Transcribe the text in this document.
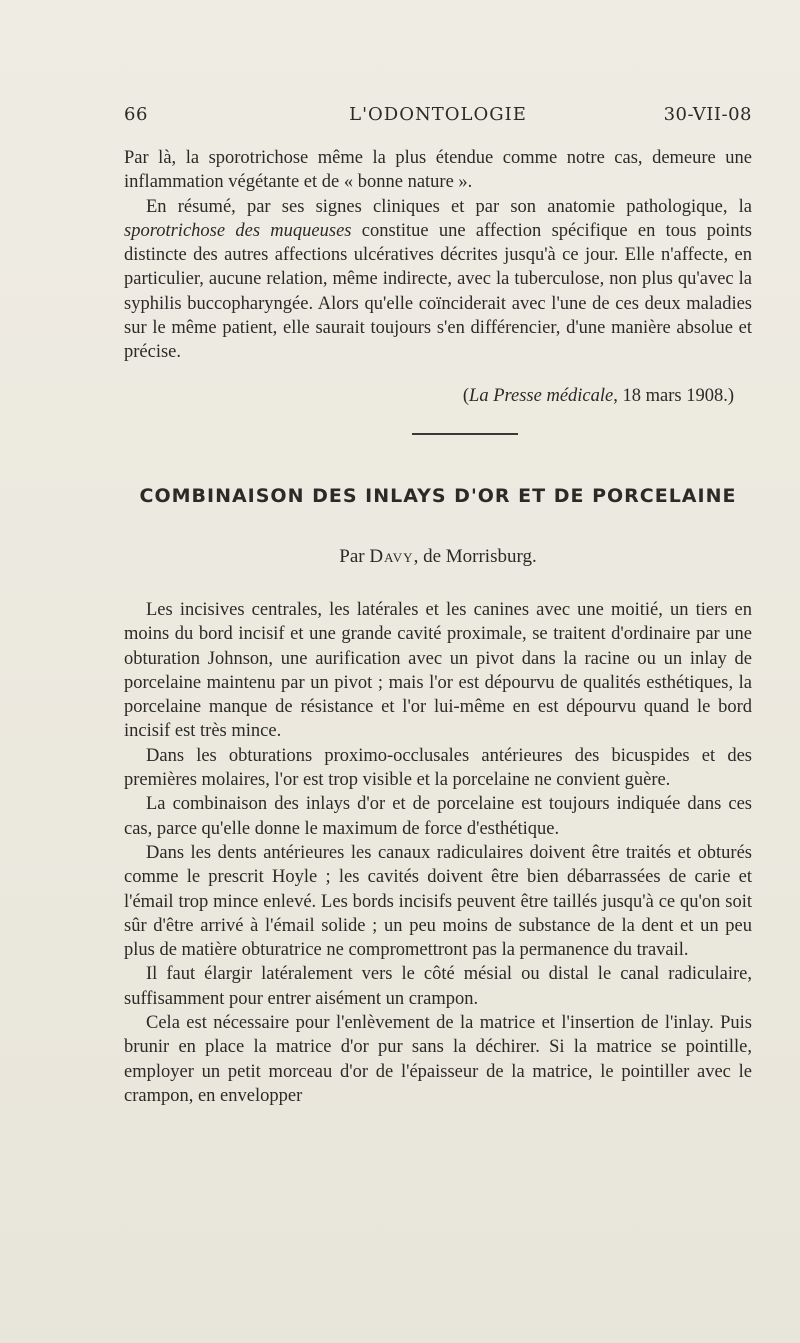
66	L'ODONTOLOGIE	30-VII-08

Par là, la sporotrichose même la plus étendue comme notre cas, demeure une inflammation végétante et de « bonne nature ».

En résumé, par ses signes cliniques et par son anatomie pathologique, la sporotrichose des muqueuses constitue une affection spécifique en tous points distincte des autres affections ulcératives décrites jusqu'à ce jour. Elle n'affecte, en particulier, aucune relation, même indirecte, avec la tuberculose, non plus qu'avec la syphilis buccopharyngée. Alors qu'elle coïnciderait avec l'une de ces deux maladies sur le même patient, elle saurait toujours s'en différencier, d'une manière absolue et précise.

(La Presse médicale, 18 mars 1908.)
COMBINAISON DES INLAYS D'OR ET DE PORCELAINE
Par Davy, de Morrisburg.

Les incisives centrales, les latérales et les canines avec une moitié, un tiers en moins du bord incisif et une grande cavité proximale, se traitent d'ordinaire par une obturation Johnson, une aurification avec un pivot dans la racine ou un inlay de porcelaine maintenu par un pivot ; mais l'or est dépourvu de qualités esthétiques, la porcelaine manque de résistance et l'or lui-même en est dépourvu quand le bord incisif est très mince.

Dans les obturations proximo-occlusales antérieures des bicuspides et des premières molaires, l'or est trop visible et la porcelaine ne convient guère.

La combinaison des inlays d'or et de porcelaine est toujours indiquée dans ces cas, parce qu'elle donne le maximum de force d'esthétique.

Dans les dents antérieures les canaux radiculaires doivent être traités et obturés comme le prescrit Hoyle ; les cavités doivent être bien débarrassées de carie et l'émail trop mince enlevé. Les bords incisifs peuvent être taillés jusqu'à ce qu'on soit sûr d'être arrivé à l'émail solide ; un peu moins de substance de la dent et un peu plus de matière obturatrice ne compromettront pas la permanence du travail.

Il faut élargir latéralement vers le côté mésial ou distal le canal radiculaire, suffisamment pour entrer aisément un crampon.

Cela est nécessaire pour l'enlèvement de la matrice et l'insertion de l'inlay. Puis brunir en place la matrice d'or pur sans la déchirer. Si la matrice se pointille, employer un petit morceau d'or de l'épaisseur de la matrice, le pointiller avec le crampon, en envelopper
